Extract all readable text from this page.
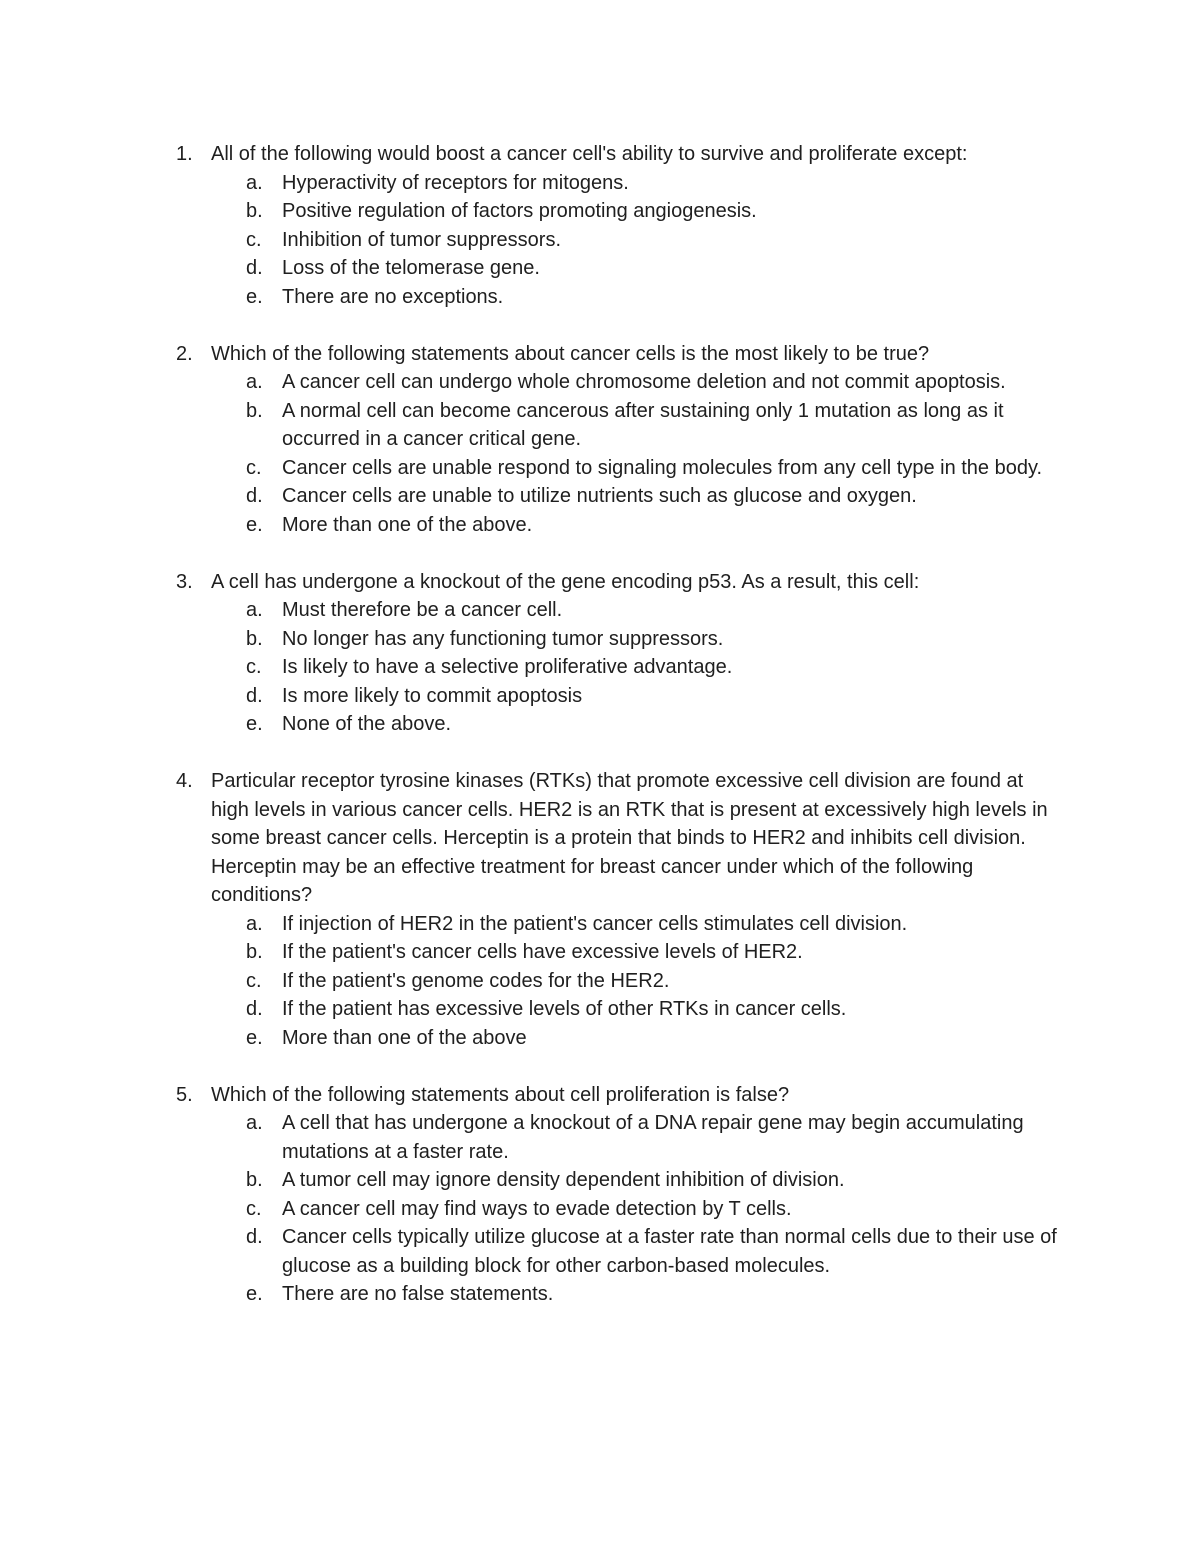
1. All of the following would boost a cancer cell's ability to survive and proliferate except:
a. Hyperactivity of receptors for mitogens.
b. Positive regulation of factors promoting angiogenesis.
c. Inhibition of tumor suppressors.
d. Loss of the telomerase gene.
e. There are no exceptions.
2. Which of the following statements about cancer cells is the most likely to be true?
a. A cancer cell can undergo whole chromosome deletion and not commit apoptosis.
b. A normal cell can become cancerous after sustaining only 1 mutation as long as it occurred in a cancer critical gene.
c. Cancer cells are unable respond to signaling molecules from any cell type in the body.
d. Cancer cells are unable to utilize nutrients such as glucose and oxygen.
e. More than one of the above.
3. A cell has undergone a knockout of the gene encoding p53. As a result, this cell:
a. Must therefore be a cancer cell.
b. No longer has any functioning tumor suppressors.
c. Is likely to have a selective proliferative advantage.
d. Is more likely to commit apoptosis
e. None of the above.
4. Particular receptor tyrosine kinases (RTKs) that promote excessive cell division are found at high levels in various cancer cells. HER2 is an RTK that is present at excessively high levels in some breast cancer cells. Herceptin is a protein that binds to HER2 and inhibits cell division. Herceptin may be an effective treatment for breast cancer under which of the following conditions?
a. If injection of HER2 in the patient's cancer cells stimulates cell division.
b. If the patient's cancer cells have excessive levels of HER2.
c. If the patient's genome codes for the HER2.
d. If the patient has excessive levels of other RTKs in cancer cells.
e. More than one of the above
5. Which of the following statements about cell proliferation is false?
a. A cell that has undergone a knockout of a DNA repair gene may begin accumulating mutations at a faster rate.
b. A tumor cell may ignore density dependent inhibition of division.
c. A cancer cell may find ways to evade detection by T cells.
d. Cancer cells typically utilize glucose at a faster rate than normal cells due to their use of glucose as a building block for other carbon-based molecules.
e. There are no false statements.
